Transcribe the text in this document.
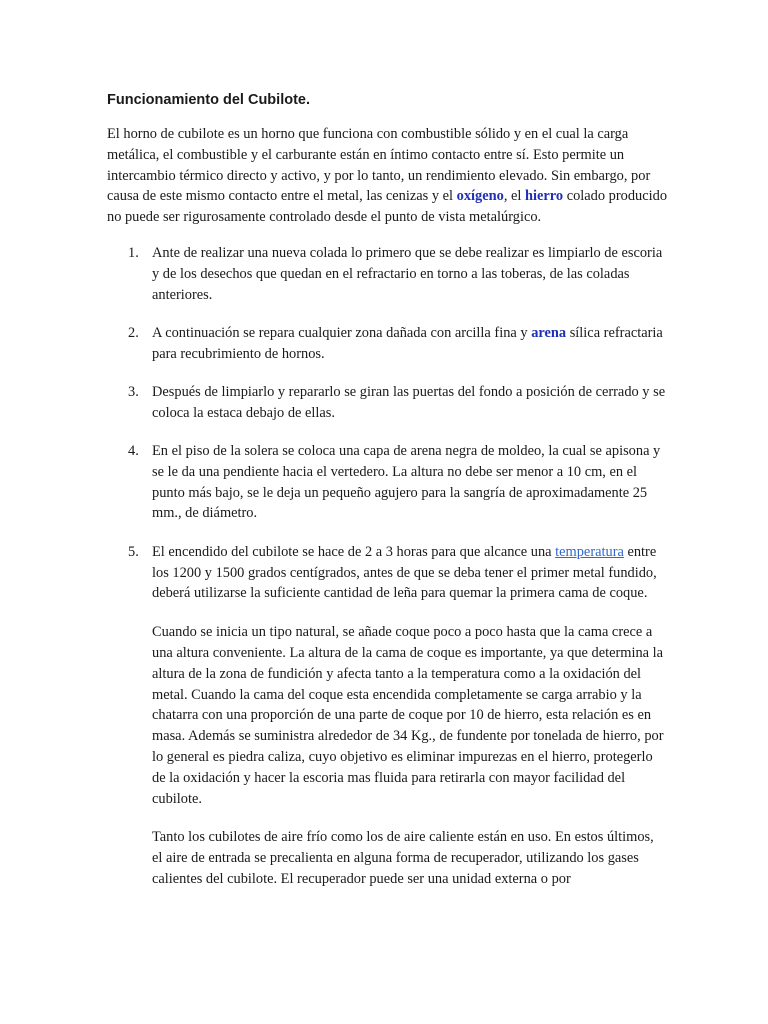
Funcionamiento del Cubilote.

El horno de cubilote es un horno que funciona con combustible sólido y en el cual la carga metálica, el combustible y el carburante están en íntimo contacto entre sí. Esto permite un intercambio térmico directo y activo, y por lo tanto, un rendimiento elevado. Sin embargo, por causa de este mismo contacto entre el metal, las cenizas y el oxígeno, el hierro colado producido no puede ser rigurosamente controlado desde el punto de vista metalúrgico.

1. Ante de realizar una nueva colada lo primero que se debe realizar es limpiarlo de escoria y de los desechos que quedan en el refractario en torno a las toberas, de las coladas anteriores.

2. A continuación se repara cualquier zona dañada con arcilla fina y arena sílica refractaria para recubrimiento de hornos.

3. Después de limpiarlo y repararlo se giran las puertas del fondo a posición de cerrado y se coloca la estaca debajo de ellas.

4. En el piso de la solera se coloca una capa de arena negra de moldeo, la cual se apisona y se le da una pendiente hacia el vertedero. La altura no debe ser menor a 10 cm, en el punto más bajo, se le deja un pequeño agujero para la sangría de aproximadamente 25 mm., de diámetro.

5. El encendido del cubilote se hace de 2 a 3 horas para que alcance una temperatura entre los 1200 y 1500 grados centígrados, antes de que se deba tener el primer metal fundido, deberá utilizarse la suficiente cantidad de leña para quemar la primera cama de coque.

Cuando se inicia un tipo natural, se añade coque poco a poco hasta que la cama crece a una altura conveniente. La altura de la cama de coque es importante, ya que determina la altura de la zona de fundición y afecta tanto a la temperatura como a la oxidación del metal. Cuando la cama del coque esta encendida completamente se carga arrabio y la chatarra con una proporción de una parte de coque por 10 de hierro, esta relación es en masa. Además se suministra alrededor de 34 Kg., de fundente por tonelada de hierro, por lo general es piedra caliza, cuyo objetivo es eliminar impurezas en el hierro, protegerlo de la oxidación y hacer la escoria mas fluida para retirarla con mayor facilidad del cubilote.

Tanto los cubilotes de aire frío como los de aire caliente están en uso. En estos últimos, el aire de entrada se precalienta en alguna forma de recuperador, utilizando los gases calientes del cubilote. El recuperador puede ser una unidad externa o por
